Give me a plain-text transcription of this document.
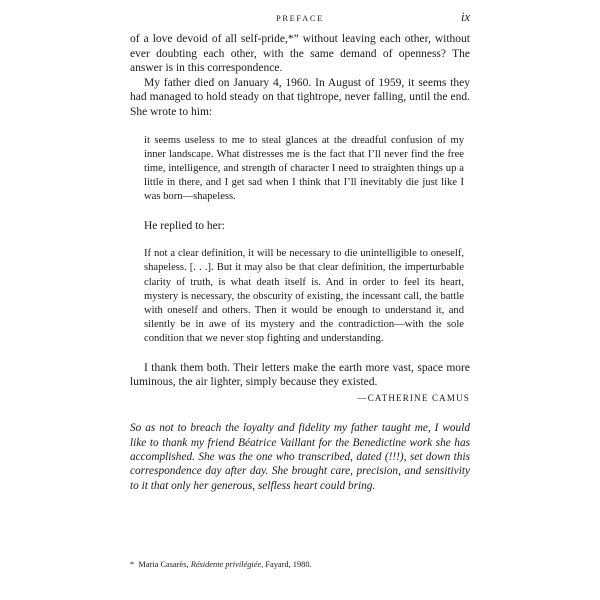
PREFACE	ix

of a love devoid of all self-pride,*” without leaving each other, without ever doubting each other, with the same demand of openness? The answer is in this correspondence.

My father died on January 4, 1960. In August of 1959, it seems they had managed to hold steady on that tightrope, never falling, until the end. She wrote to him:

it seems useless to me to steal glances at the dreadful confusion of my inner landscape. What distresses me is the fact that I’ll never find the free time, intelligence, and strength of character I need to straighten things up a little in there, and I get sad when I think that I’ll inevitably die just like I was born—shapeless.

He replied to her:

If not a clear definition, it will be necessary to die unintelligible to oneself, shapeless. [. . .]. But it may also be that clear definition, the imperturbable clarity of truth, is what death itself is. And in order to feel its heart, mystery is necessary, the obscurity of existing, the incessant call, the battle with oneself and others. Then it would be enough to understand it, and silently be in awe of its mystery and the contradiction—with the sole condition that we never stop fighting and understanding.

I thank them both. Their letters make the earth more vast, space more luminous, the air lighter, simply because they existed.

—CATHERINE CAMUS

So as not to breach the loyalty and fidelity my father taught me, I would like to thank my friend Béatrice Vaillant for the Benedictine work she has accomplished. She was the one who transcribed, dated (!!!), set down this correspondence day after day. She brought care, precision, and sensitivity to it that only her generous, selfless heart could bring.

* Maria Casarès, Résidente privilégiée, Fayard, 1980.
